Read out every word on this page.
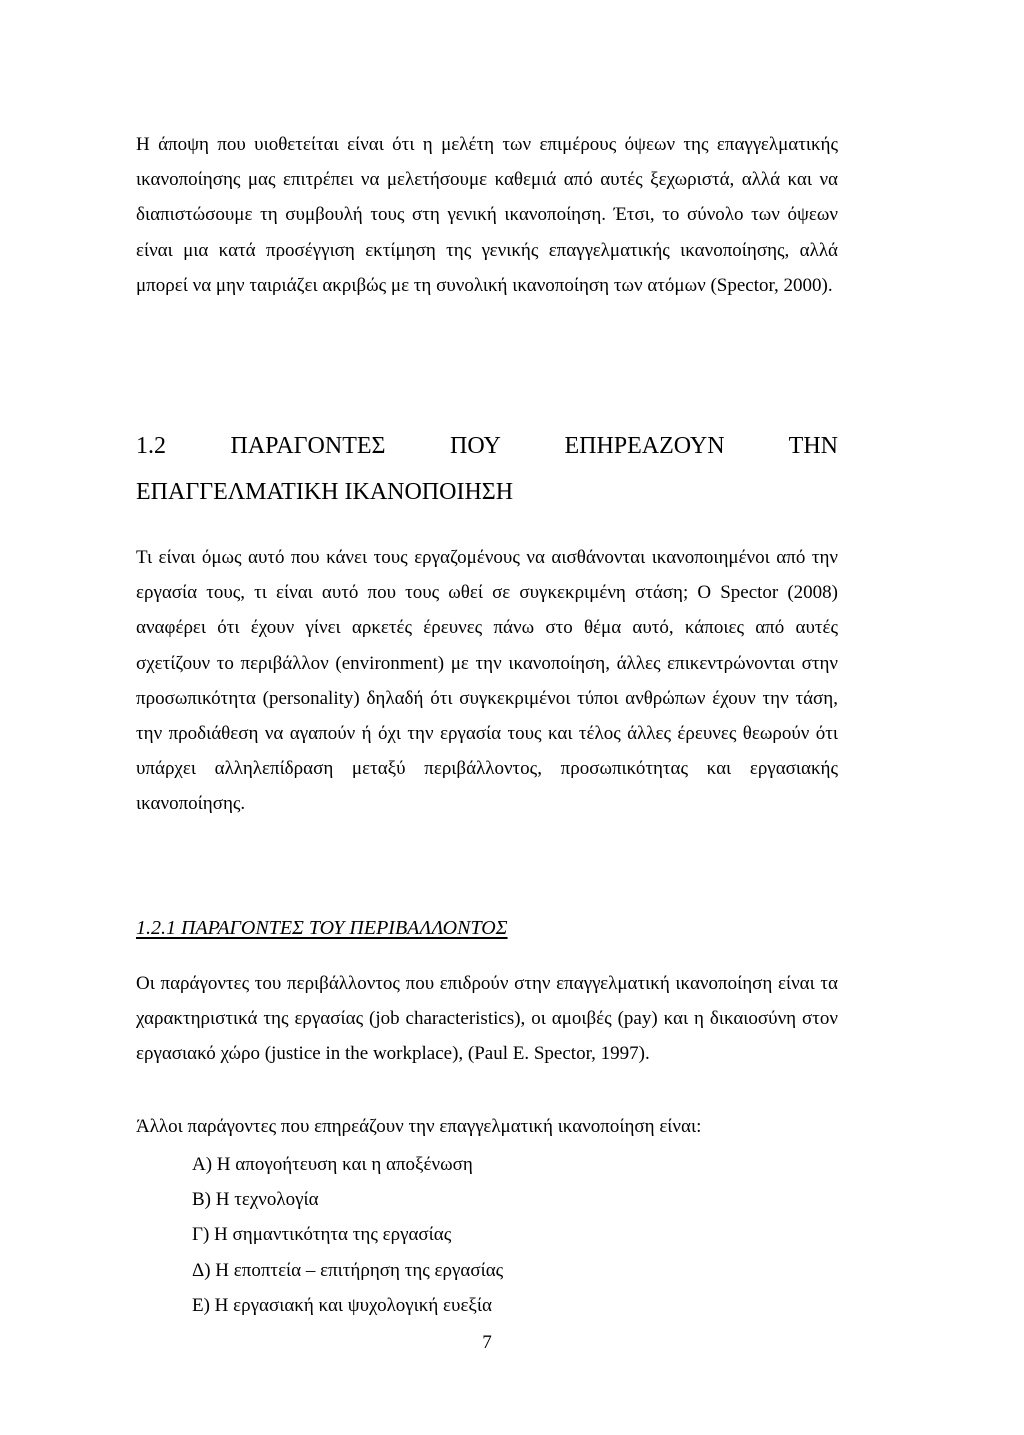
Η άποψη που υιοθετείται είναι ότι η μελέτη των επιμέρους όψεων της επαγγελματικής ικανοποίησης μας επιτρέπει να μελετήσουμε καθεμιά από αυτές ξεχωριστά, αλλά και να διαπιστώσουμε τη συμβουλή τους στη γενική ικανοποίηση. Έτσι, το σύνολο των όψεων είναι μια κατά προσέγγιση εκτίμηση της γενικής επαγγελματικής ικανοποίησης, αλλά μπορεί να μην ταιριάζει ακριβώς με τη συνολική ικανοποίηση των ατόμων (Spector, 2000).

1.2 ΠΑΡΑΓΟΝΤΕΣ ΠΟΥ ΕΠΗΡΕΑΖΟΥΝ ΤΗΝ
ΕΠΑΓΓΕΛΜΑΤΙΚΗ ΙΚΑΝΟΠΟΙΗΣΗ

Τι είναι όμως αυτό που κάνει τους εργαζομένους να αισθάνονται ικανοποιημένοι από την εργασία τους, τι είναι αυτό που τους ωθεί σε συγκεκριμένη στάση; Ο Spector (2008) αναφέρει ότι έχουν γίνει αρκετές έρευνες πάνω στο θέμα αυτό, κάποιες από αυτές σχετίζουν το περιβάλλον (environment) με την ικανοποίηση, άλλες επικεντρώνονται στην προσωπικότητα (personality) δηλαδή ότι συγκεκριμένοι τύποι ανθρώπων έχουν την τάση, την προδιάθεση να αγαπούν ή όχι την εργασία τους και τέλος άλλες έρευνες θεωρούν ότι υπάρχει αλληλεπίδραση μεταξύ περιβάλλοντος, προσωπικότητας και εργασιακής ικανοποίησης.

1.2.1 ΠΑΡΑΓΟΝΤΕΣ ΤΟΥ ΠΕΡΙΒΑΛΛΟΝΤΟΣ

Οι παράγοντες του περιβάλλοντος που επιδρούν στην επαγγελματική ικανοποίηση είναι τα χαρακτηριστικά της εργασίας (job characteristics), οι αμοιβές (pay) και η δικαιοσύνη στον εργασιακό χώρο (justice in the workplace), (Paul E. Spector, 1997).

Άλλοι παράγοντες που επηρεάζουν την επαγγελματική ικανοποίηση είναι:

Α) Η απογοήτευση και η αποξένωση
Β) Η τεχνολογία
Γ) Η σημαντικότητα της εργασίας
Δ) Η εποπτεία – επιτήρηση της εργασίας
Ε) Η εργασιακή και ψυχολογική ευεξία
7
